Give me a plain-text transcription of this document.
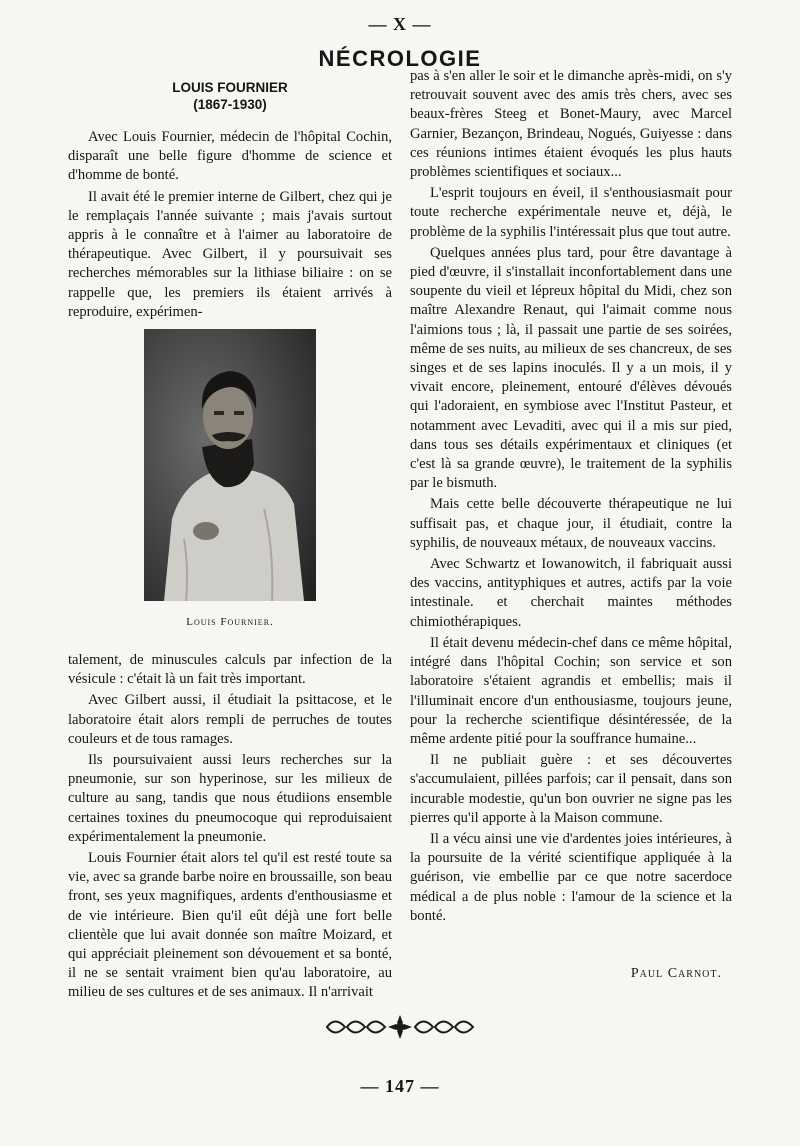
— X —
NÉCROLOGIE
LOUIS FOURNIER
(1867-1930)

Avec Louis Fournier, médecin de l'hôpital Cochin, disparaît une belle figure d'homme de science et d'homme de bonté.

Il avait été le premier interne de Gilbert, chez qui je le remplaçais l'année suivante ; mais j'avais surtout appris à le connaître et à l'aimer au laboratoire de thérapeutique. Avec Gilbert, il y poursuivait ses recherches mémorables sur la lithiase biliaire : on se rappelle que, les premiers ils étaient arrivés à reproduire, expérimen-

Louis Fournier.

talement, de minuscules calculs par infection de la vésicule : c'était là un fait très important.

Avec Gilbert aussi, il étudiait la psittacose, et le laboratoire était alors rempli de perruches de toutes couleurs et de tous ramages.

Ils poursuivaient aussi leurs recherches sur la pneumonie, sur son hyperinose, sur les milieux de culture au sang, tandis que nous étudiions ensemble certaines toxines du pneumocoque qui reproduisaient expérimentalement la pneumonie.

Louis Fournier était alors tel qu'il est resté toute sa vie, avec sa grande barbe noire en broussaille, son beau front, ses yeux magnifiques, ardents d'enthousiasme et de vie intérieure. Bien qu'il eût déjà une fort belle clientèle que lui avait donnée son maître Moizard, et qui appréciait pleinement son dévouement et sa bonté, il ne se sentait vraiment bien qu'au laboratoire, au milieu de ses cultures et de ses animaux. Il n'arrivait

pas à s'en aller le soir et le dimanche après-midi, on s'y retrouvait souvent avec des amis très chers, avec ses beaux-frères Steeg et Bonet-Maury, avec Marcel Garnier, Bezançon, Brindeau, Nogués, Guiyesse : dans ces réunions intimes étaient évoqués les plus hauts problèmes scientifiques et sociaux...

L'esprit toujours en éveil, il s'enthousiasmait pour toute recherche expérimentale neuve et, déjà, le problème de la syphilis l'intéressait plus que tout autre.

Quelques années plus tard, pour être davantage à pied d'œuvre, il s'installait inconfortablement dans une soupente du vieil et lépreux hôpital du Midi, chez son maître Alexandre Renaut, qui l'aimait comme nous l'aimions tous ; là, il passait une partie de ses soirées, même de ses nuits, au milieux de ses chancreux, de ses singes et de ses lapins inoculés. Il y a un mois, il y vivait encore, pleinement, entouré d'élèves dévoués qui l'adoraient, en symbiose avec l'Institut Pasteur, et notamment avec Levaditi, avec qui il a mis sur pied, dans tous ses détails expérimentaux et cliniques (et c'est là sa grande œuvre), le traitement de la syphilis par le bismuth.

Mais cette belle découverte thérapeutique ne lui suffisait pas, et chaque jour, il étudiait, contre la syphilis, de nouveaux métaux, de nouveaux vaccins.

Avec Schwartz et Iowanowitch, il fabriquait aussi des vaccins, antityphiques et autres, actifs par la voie intestinale. et cherchait maintes méthodes chimiothérapiques.

Il était devenu médecin-chef dans ce même hôpital, intégré dans l'hôpital Cochin; son service et son laboratoire s'étaient agrandis et embellis; mais il l'illuminait encore d'un enthousiasme, toujours jeune, pour la recherche scientifique désintéressée, de la même ardente pitié pour la souffrance humaine...

Il ne publiait guère : et ses découvertes s'accumulaient, pillées parfois; car il pensait, dans son incurable modestie, qu'un bon ouvrier ne signe pas les pierres qu'il apporte à la Maison commune.

Il a vécu ainsi une vie d'ardentes joies intérieures, à la poursuite de la vérité scientifique appliquée à la guérison, vie embellie par ce que notre sacerdoce médical a de plus noble : l'amour de la science et la bonté.

Paul Carnot.
— 147 —
